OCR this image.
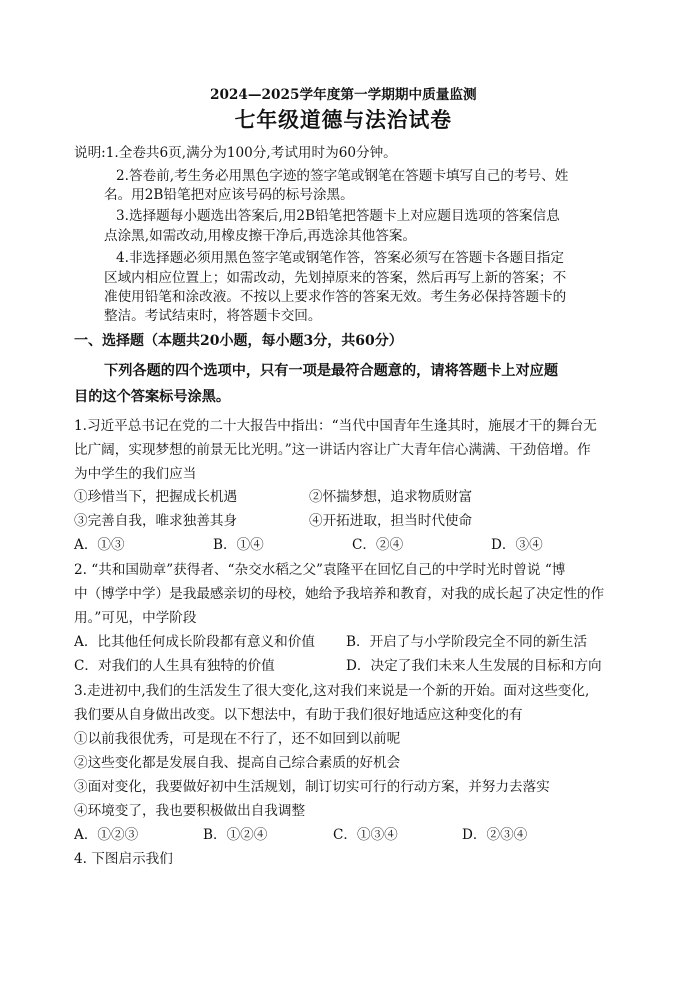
2024—2025学年度第一学期期中质量监测
七年级道德与法治试卷
说明:1.全卷共6页,满分为100分,考试用时为60分钟。
2.答卷前,考生务必用黑色字迹的签字笔或钢笔在答题卡填写自己的考号、姓
名。用2B铅笔把对应该号码的标号涂黑。
3.选择题每小题选出答案后,用2B铅笔把答题卡上对应题目选项的答案信息
点涂黑,如需改动,用橡皮擦干净后,再选涂其他答案。
4.非选择题必须用黑色签字笔或钢笔作答，答案必须写在答题卡各题目指定
区域内相应位置上；如需改动，先划掉原来的答案，然后再写上新的答案；不
准使用铅笔和涂改液。不按以上要求作答的答案无效。考生务必保持答题卡的
整洁。考试结束时，将答题卡交回。
一、选择题（本题共20小题，每小题3分，共60分）
下列各题的四个选项中，只有一项是最符合题意的，请将答题卡上对应题
目的这个答案标号涂黑。
1.习近平总书记在党的二十大报告中指出：“当代中国青年生逢其时，施展才干的舞台无
比广阔，实现梦想的前景无比光明。”这一讲话内容让广大青年信心满满、干劲倍增。作
为中学生的我们应当
①珍惜当下，把握成长机遇	②怀揣梦想，追求物质财富
③完善自我，唯求独善其身	④开拓进取，担当时代使命
A．①③	B．①④	C．②④	D．③④
2. “共和国勋章”获得者、“杂交水稻之父”袁隆平在回忆自己的中学时光时曾说 “博
中（博学中学）是我最感亲切的母校，她给予我培养和教育，对我的成长起了决定性的作
用。”可见，中学阶段
A．比其他任何成长阶段都有意义和价值 B．开启了与小学阶段完全不同的新生活
C．对我们的人生具有独特的价值	D．决定了我们未来人生发展的目标和方向
3.走进初中,我们的生活发生了很大变化,这对我们来说是一个新的开始。面对这些变化,
我们要从自身做出改变。以下想法中，有助于我们很好地适应这种变化的有
①以前我很优秀，可是现在不行了，还不如回到以前呢
②这些变化都是发展自我、提高自己综合素质的好机会
③面对变化，我要做好初中生活规划，制订切实可行的行动方案，并努力去落实
④环境变了，我也要积极做出自我调整
A．①②③	B．①②④	C．①③④	D．②③④
4. 下图启示我们
